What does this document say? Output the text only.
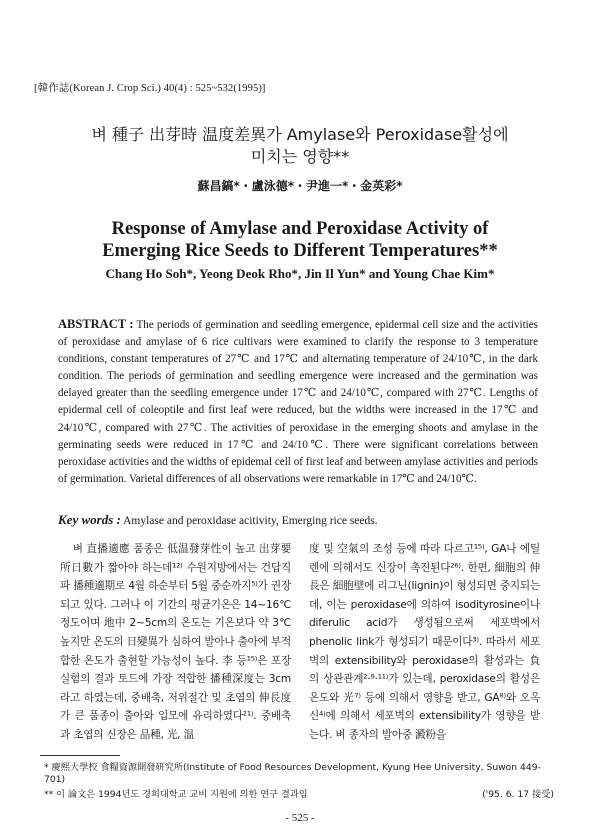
[韓作誌(Korean J. Crop Sci.) 40(4) : 525~532(1995)]
벼 種子 出芽時 温度差異가 Amylase와 Peroxidase활성에
미치는 영향**
蘇昌鎬*・盧泳德*・尹進一*・金英彩*
Response of Amylase and Peroxidase Activity of
Emerging Rice Seeds to Different Temperatures**
Chang Ho Soh*, Yeong Deok Rho*, Jin Il Yun* and Young Chae Kim*
ABSTRACT : The periods of germination and seedling emergence, epidermal cell size and the activities of peroxidase and amylase of 6 rice cultivars were examined to clarify the response to 3 temperature conditions, constant temperatures of 27℃ and 17℃ and alternating temperature of 24/10℃, in the dark condition. The periods of germination and seedling emergence were increased and the germination was delayed greater than the seedling emergence under 17℃ and 24/10℃, compared with 27℃. Lengths of epidermal cell of coleoptile and first leaf were reduced, but the widths were increased in the 17℃ and 24/10℃, compared with 27℃. The activities of peroxidase in the emerging shoots and amylase in the germinating seeds were reduced in 17℃ and 24/10℃. There were significant correlations between peroxidase activities and the widths of epidemal cell of first leaf and between amylase activities and periods of germination. Varietal differences of all observations were remarkable in 17℃ and 24/10℃.
Key words : Amylase and peroxidase acitivity, Emerging rice seeds.

벼 直播適應 품종은 低温發芽性이 높고 出芽要所日數가 짧아야 하는데¹²⁾ 수원지방에서는 건답직파 播種適期로 4월 하순부터 5월 중순까지⁵⁾가 권장되고 있다. 그러나 이 기간의 평균기온은 14~16℃ 정도이며 地中 2~5cm의 온도는 기온보다 약 3℃ 높지만 온도의 日變異가 심하여 발아나 출아에 부적합한 온도가 출현할 가능성이 높다. 李 등¹⁵⁾은 포장실험의 결과 토드에 가장 적합한 播種深度는 3cm라고 하였는데, 중배축, 저위절간 및 초엽의 伸長度가 큰 품종이 출아와 입모에 유리하였다²¹⁾. 중배축과 초엽의 신장은 品種, 光, 温

度 및 空氣의 조성 등에 따라 다르고¹⁵⁾, GA나 에틸렌에 의해서도 신장이 촉진된다²⁶⁾. 한편, 細胞의 伸長은 細胞壁에 리그닌(lignin)이 형성되면 중지되는데, 이는 peroxidase에 의하여 isodityrosine이나 diferulic acid가 생성됨으로써 세포벽에서 phenolic link가 형성되기 때문이다³⁾. 따라서 세포벽의 extensibility와 peroxidase의 활성과는 負의 상관관계²·⁹·¹¹⁾가 있는데, peroxidase의 활성은 온도와 光⁷⁾ 등에 의해서 영향을 받고, GA⁸⁾와 오옥신⁴⁾에 의해서 세포벽의 extensibility가 영향을 받는다. 벼 종자의 발아중 澱粉을

* 慶熙大學校 食糧資源開發研究所(Institute of Food Resources Development, Kyung Hee University, Suwon 449-701)
** 이 論文은 1994년도 경희대학교 교비 지원에 의한 연구 결과임	('95. 6. 17 接受)
- 525 -
